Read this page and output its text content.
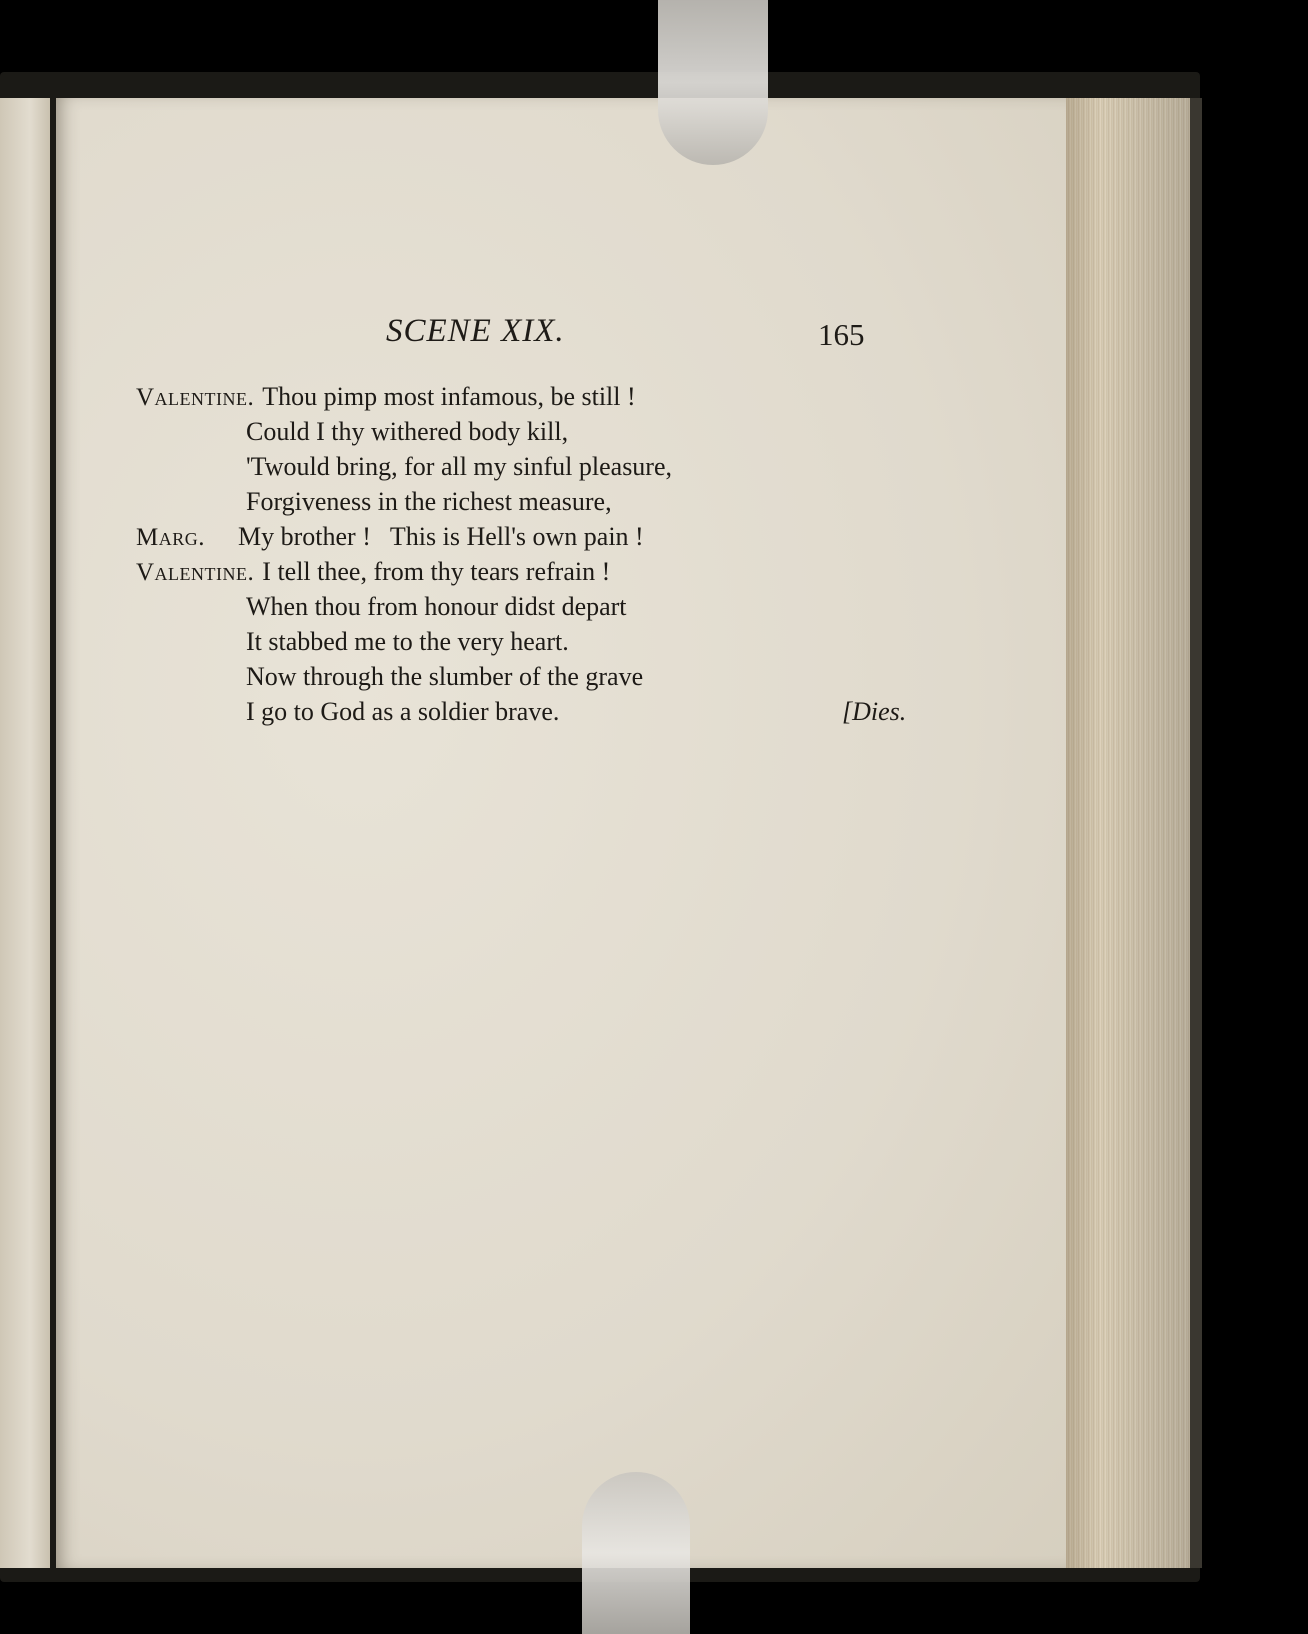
SCENE XIX.	165
Valentine. Thou pimp most infamous, be still !
Could I thy withered body kill,
'Twould bring, for all my sinful pleasure,
Forgiveness in the richest measure,
Marg. My brother !   This is Hell's own pain !
Valentine. I tell thee, from thy tears refrain !
When thou from honour didst depart
It stabbed me to the very heart.
Now through the slumber of the grave
I go to God as a soldier brave.	[Dies.
